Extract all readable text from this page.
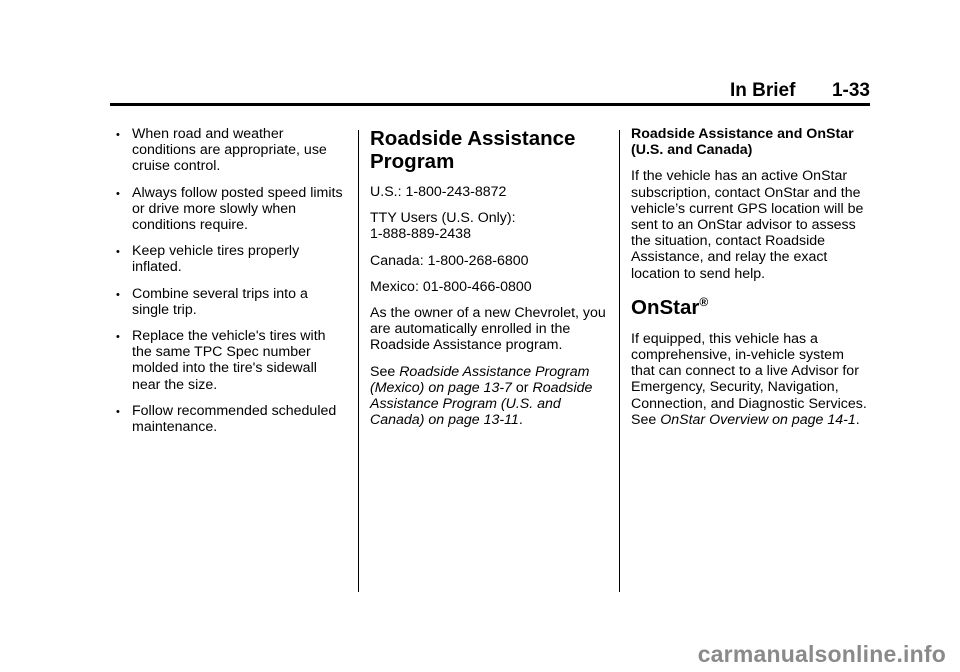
In Brief 1-33
• When road and weather conditions are appropriate, use cruise control.
• Always follow posted speed limits or drive more slowly when conditions require.
• Keep vehicle tires properly inflated.
• Combine several trips into a single trip.
• Replace the vehicle's tires with the same TPC Spec number molded into the tire's sidewall near the size.
• Follow recommended scheduled maintenance.
Roadside Assistance Program

U.S.: 1-800-243-8872

TTY Users (U.S. Only):
1-888-889-2438

Canada: 1-800-268-6800

Mexico: 01-800-466-0800

As the owner of a new Chevrolet, you are automatically enrolled in the Roadside Assistance program.

See Roadside Assistance Program (Mexico) on page 13-7 or Roadside Assistance Program (U.S. and Canada) on page 13-11.

Roadside Assistance and OnStar (U.S. and Canada)

If the vehicle has an active OnStar subscription, contact OnStar and the vehicle’s current GPS location will be sent to an OnStar advisor to assess the situation, contact Roadside Assistance, and relay the exact location to send help.

OnStar®

If equipped, this vehicle has a comprehensive, in-vehicle system that can connect to a live Advisor for Emergency, Security, Navigation, Connection, and Diagnostic Services. See OnStar Overview on page 14-1.

carmanualsonline.info
